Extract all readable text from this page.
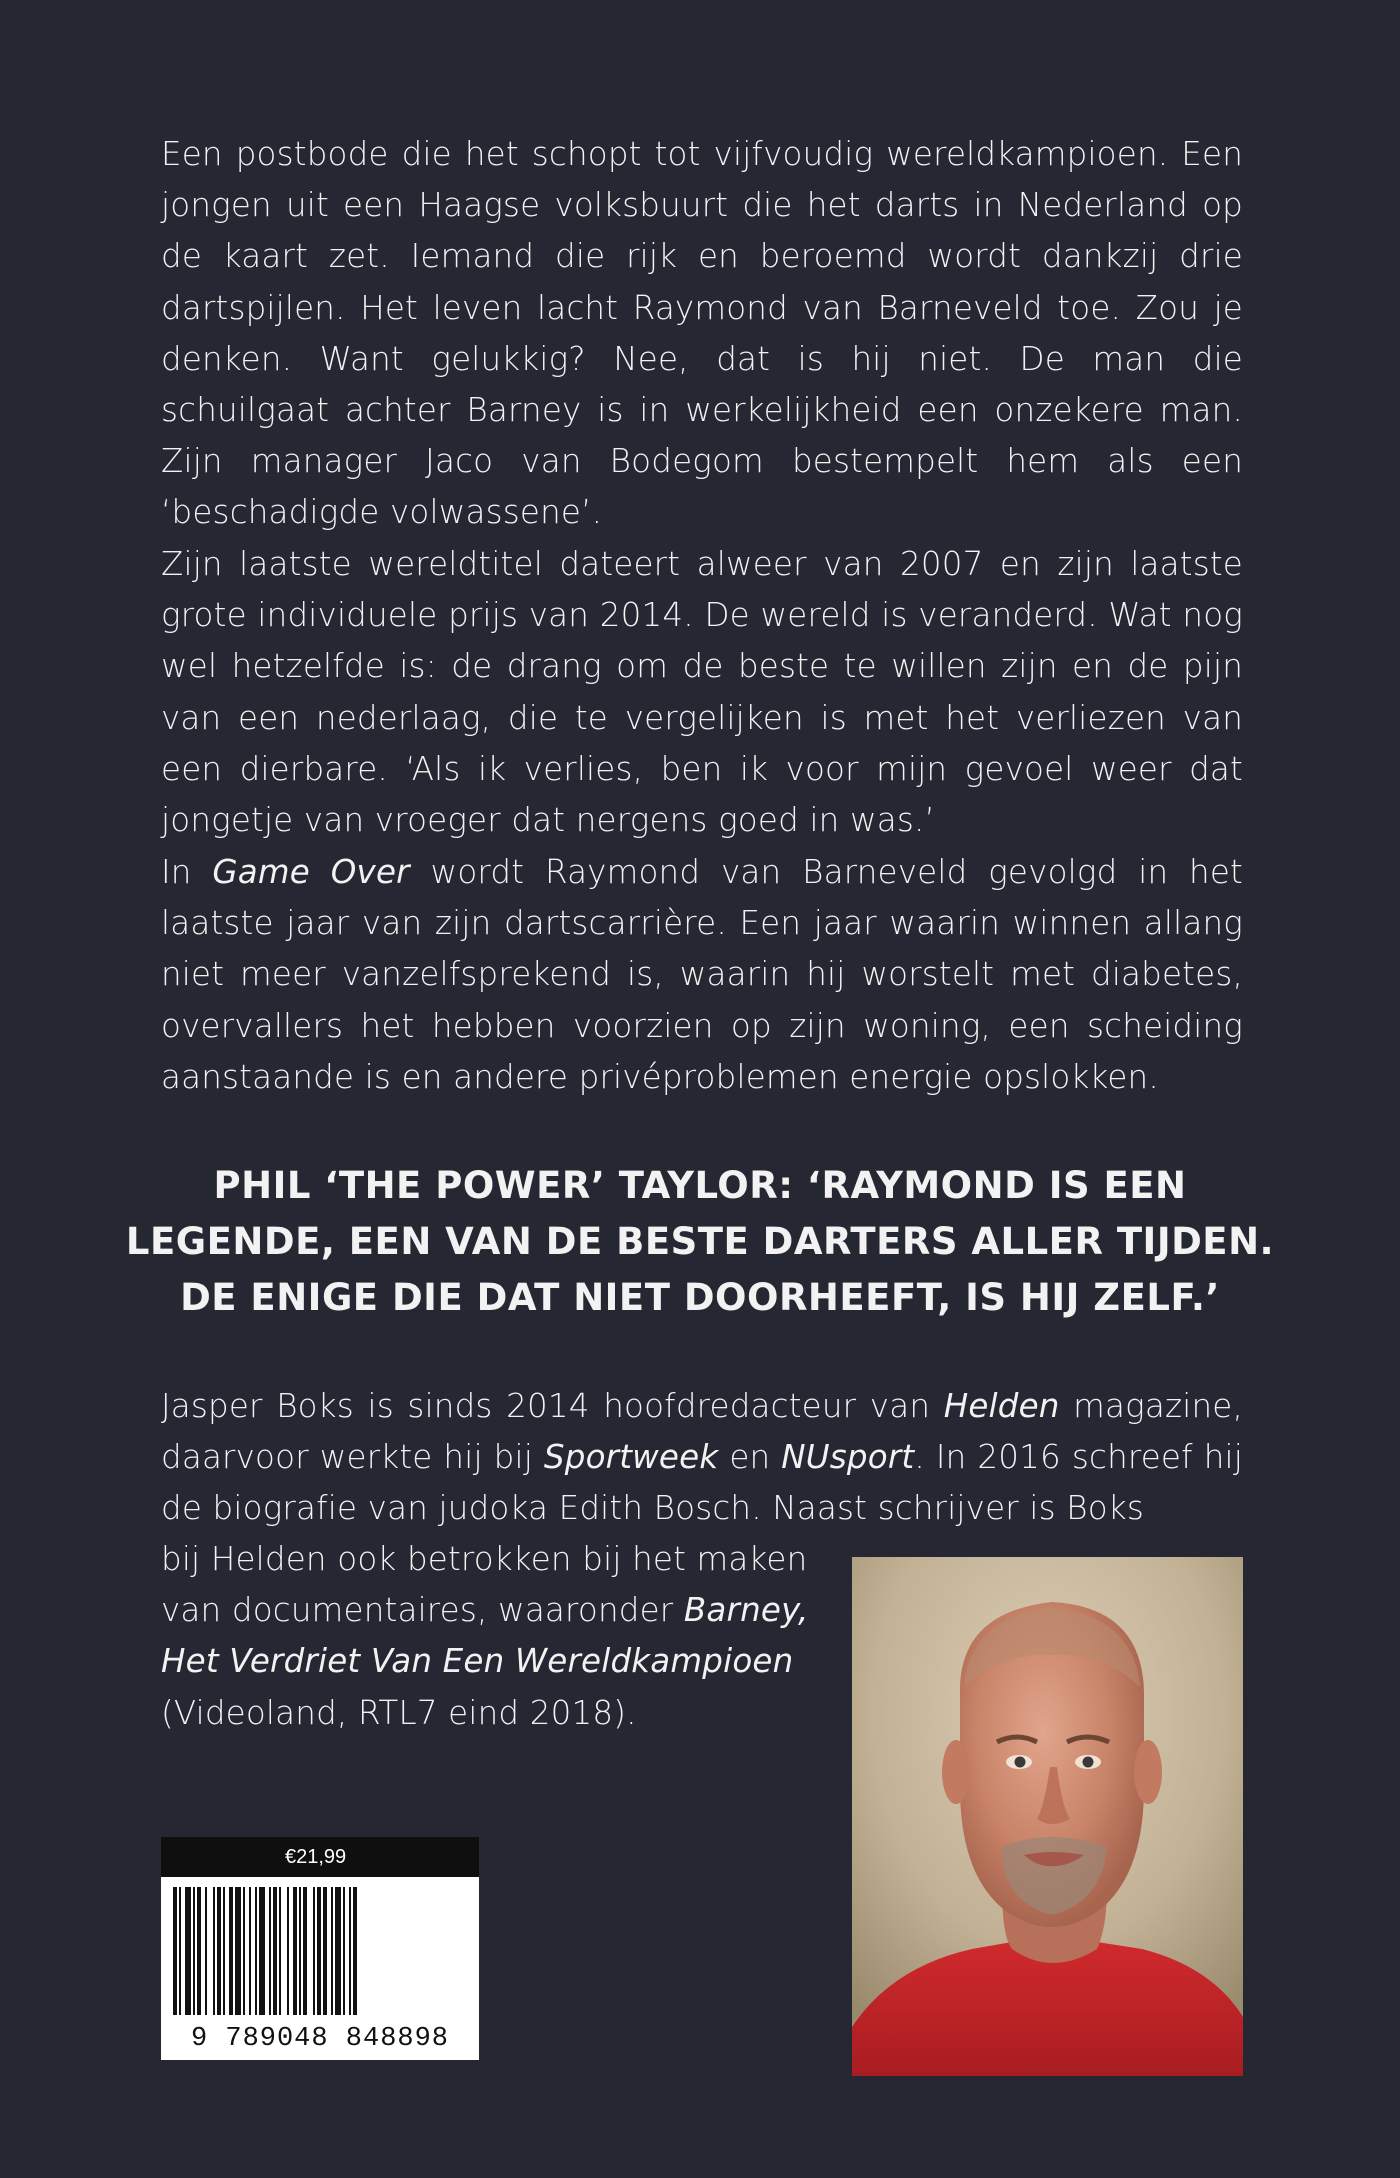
Een postbode die het schopt tot vijfvoudig wereldkampioen. Een jongen uit een Haagse volksbuurt die het darts in Nederland op de kaart zet. Iemand die rijk en beroemd wordt dankzij drie dartspijlen. Het leven lacht Raymond van Barneveld toe. Zou je denken. Want gelukkig? Nee, dat is hij niet. De man die schuilgaat achter Barney is in werkelijkheid een onzekere man. Zijn manager Jaco van Bodegom bestempelt hem als een ‘beschadigde volwassene’.

Zijn laatste wereldtitel dateert alweer van 2007 en zijn laatste grote individuele prijs van 2014. De wereld is veranderd. Wat nog wel hetzelfde is: de drang om de beste te willen zijn en de pijn van een nederlaag, die te vergelijken is met het verliezen van een dierbare. ‘Als ik verlies, ben ik voor mijn gevoel weer dat jongetje van vroeger dat nergens goed in was.’

In Game Over wordt Raymond van Barneveld gevolgd in het laatste jaar van zijn dartscarrière. Een jaar waarin winnen allang niet meer vanzelfsprekend is, waarin hij worstelt met diabetes, overvallers het hebben voorzien op zijn woning, een scheiding aanstaande is en andere privéproblemen energie opslokken.

PHIL ‘THE POWER’ TAYLOR: ‘RAYMOND IS EEN
LEGENDE, EEN VAN DE BESTE DARTERS ALLER TIJDEN.
DE ENIGE DIE DAT NIET DOORHEEFT, IS HIJ ZELF.’

Jasper Boks is sinds 2014 hoofdredacteur van Helden magazine, daarvoor werkte hij bij Sportweek en NUsport. In 2016 schreef hij de biografie van judoka Edith Bosch. Naast schrijver is Boks

bij Helden ook betrokken bij het maken van documentaires, waaronder Barney, Het Verdriet Van Een Wereldkampioen (Videoland, RTL7 eind 2018).

€21,99
9 789048 848898
